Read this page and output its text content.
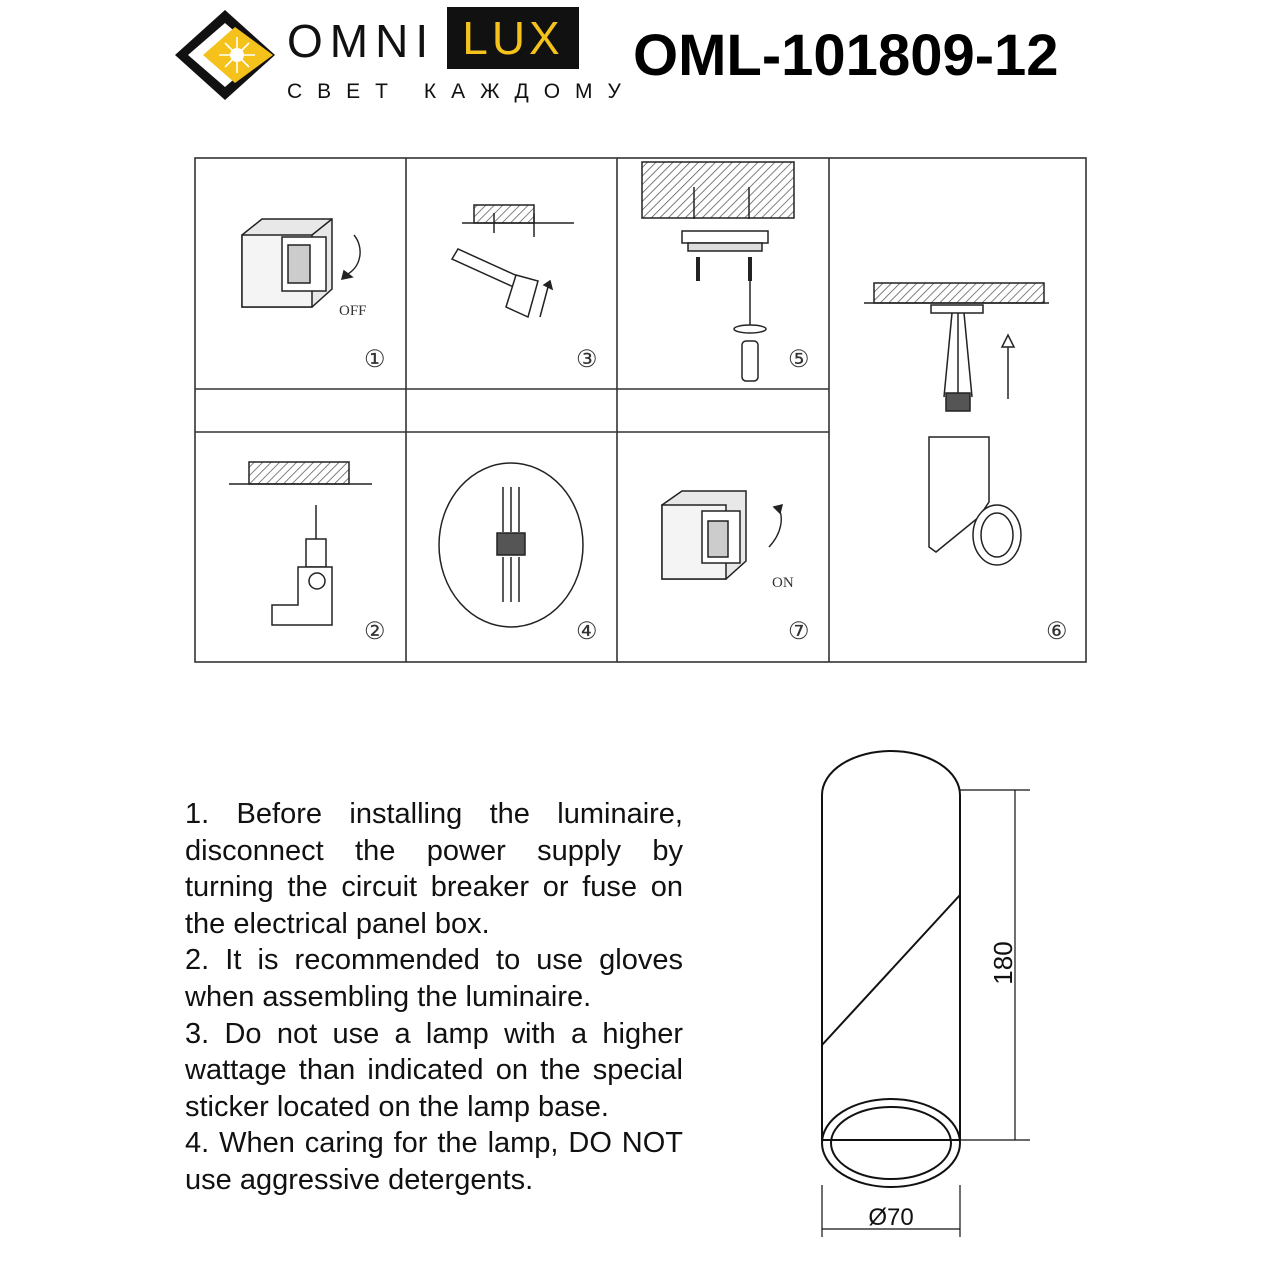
OMNI LUX
СВЕТ КАЖДОМУ
OML-101809-12
OFF
①	③	⑤
②	④
ON
⑦	⑥

1. Before installing the luminaire, disconnect the power supply by turning the circuit breaker or fuse on the electrical panel box.

2. It is recommended to use gloves when assembling the luminaire.

3. Do not use a lamp with a higher wattage than indicated on the special sticker located on the lamp base.

4. When caring for the lamp, DO NOT use aggressive detergents.

180
Ø70
